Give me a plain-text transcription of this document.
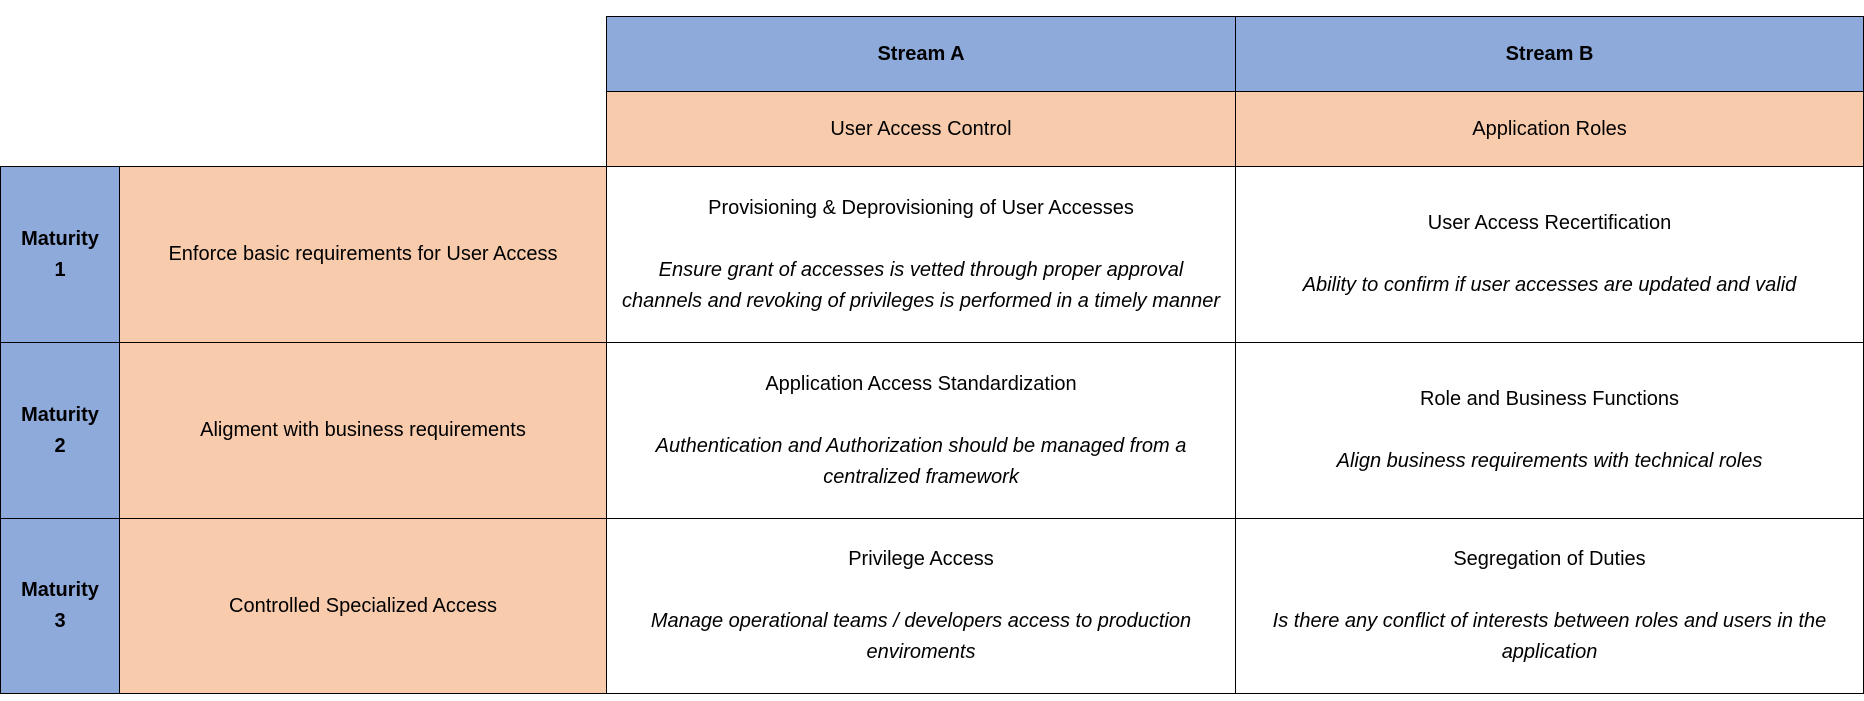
Stream A	Stream B
User Access Control	Application Roles
Maturity
1
Enforce basic requirements for User Access
Provisioning & Deprovisioning of User Accesses
Ensure grant of accesses is vetted through proper approval channels and revoking of privileges is performed in a timely manner
User Access Recertification
Ability to confirm if user accesses are updated and valid
Maturity
2
Aligment with business requirements
Application Access Standardization
Authentication and Authorization should be managed from a centralized framework
Role and Business Functions
Align business requirements with technical roles
Maturity
3
Controlled Specialized Access
Privilege Access
Manage operational teams / developers access to production enviroments
Segregation of Duties
Is there any conflict of interests between roles and users in the application
